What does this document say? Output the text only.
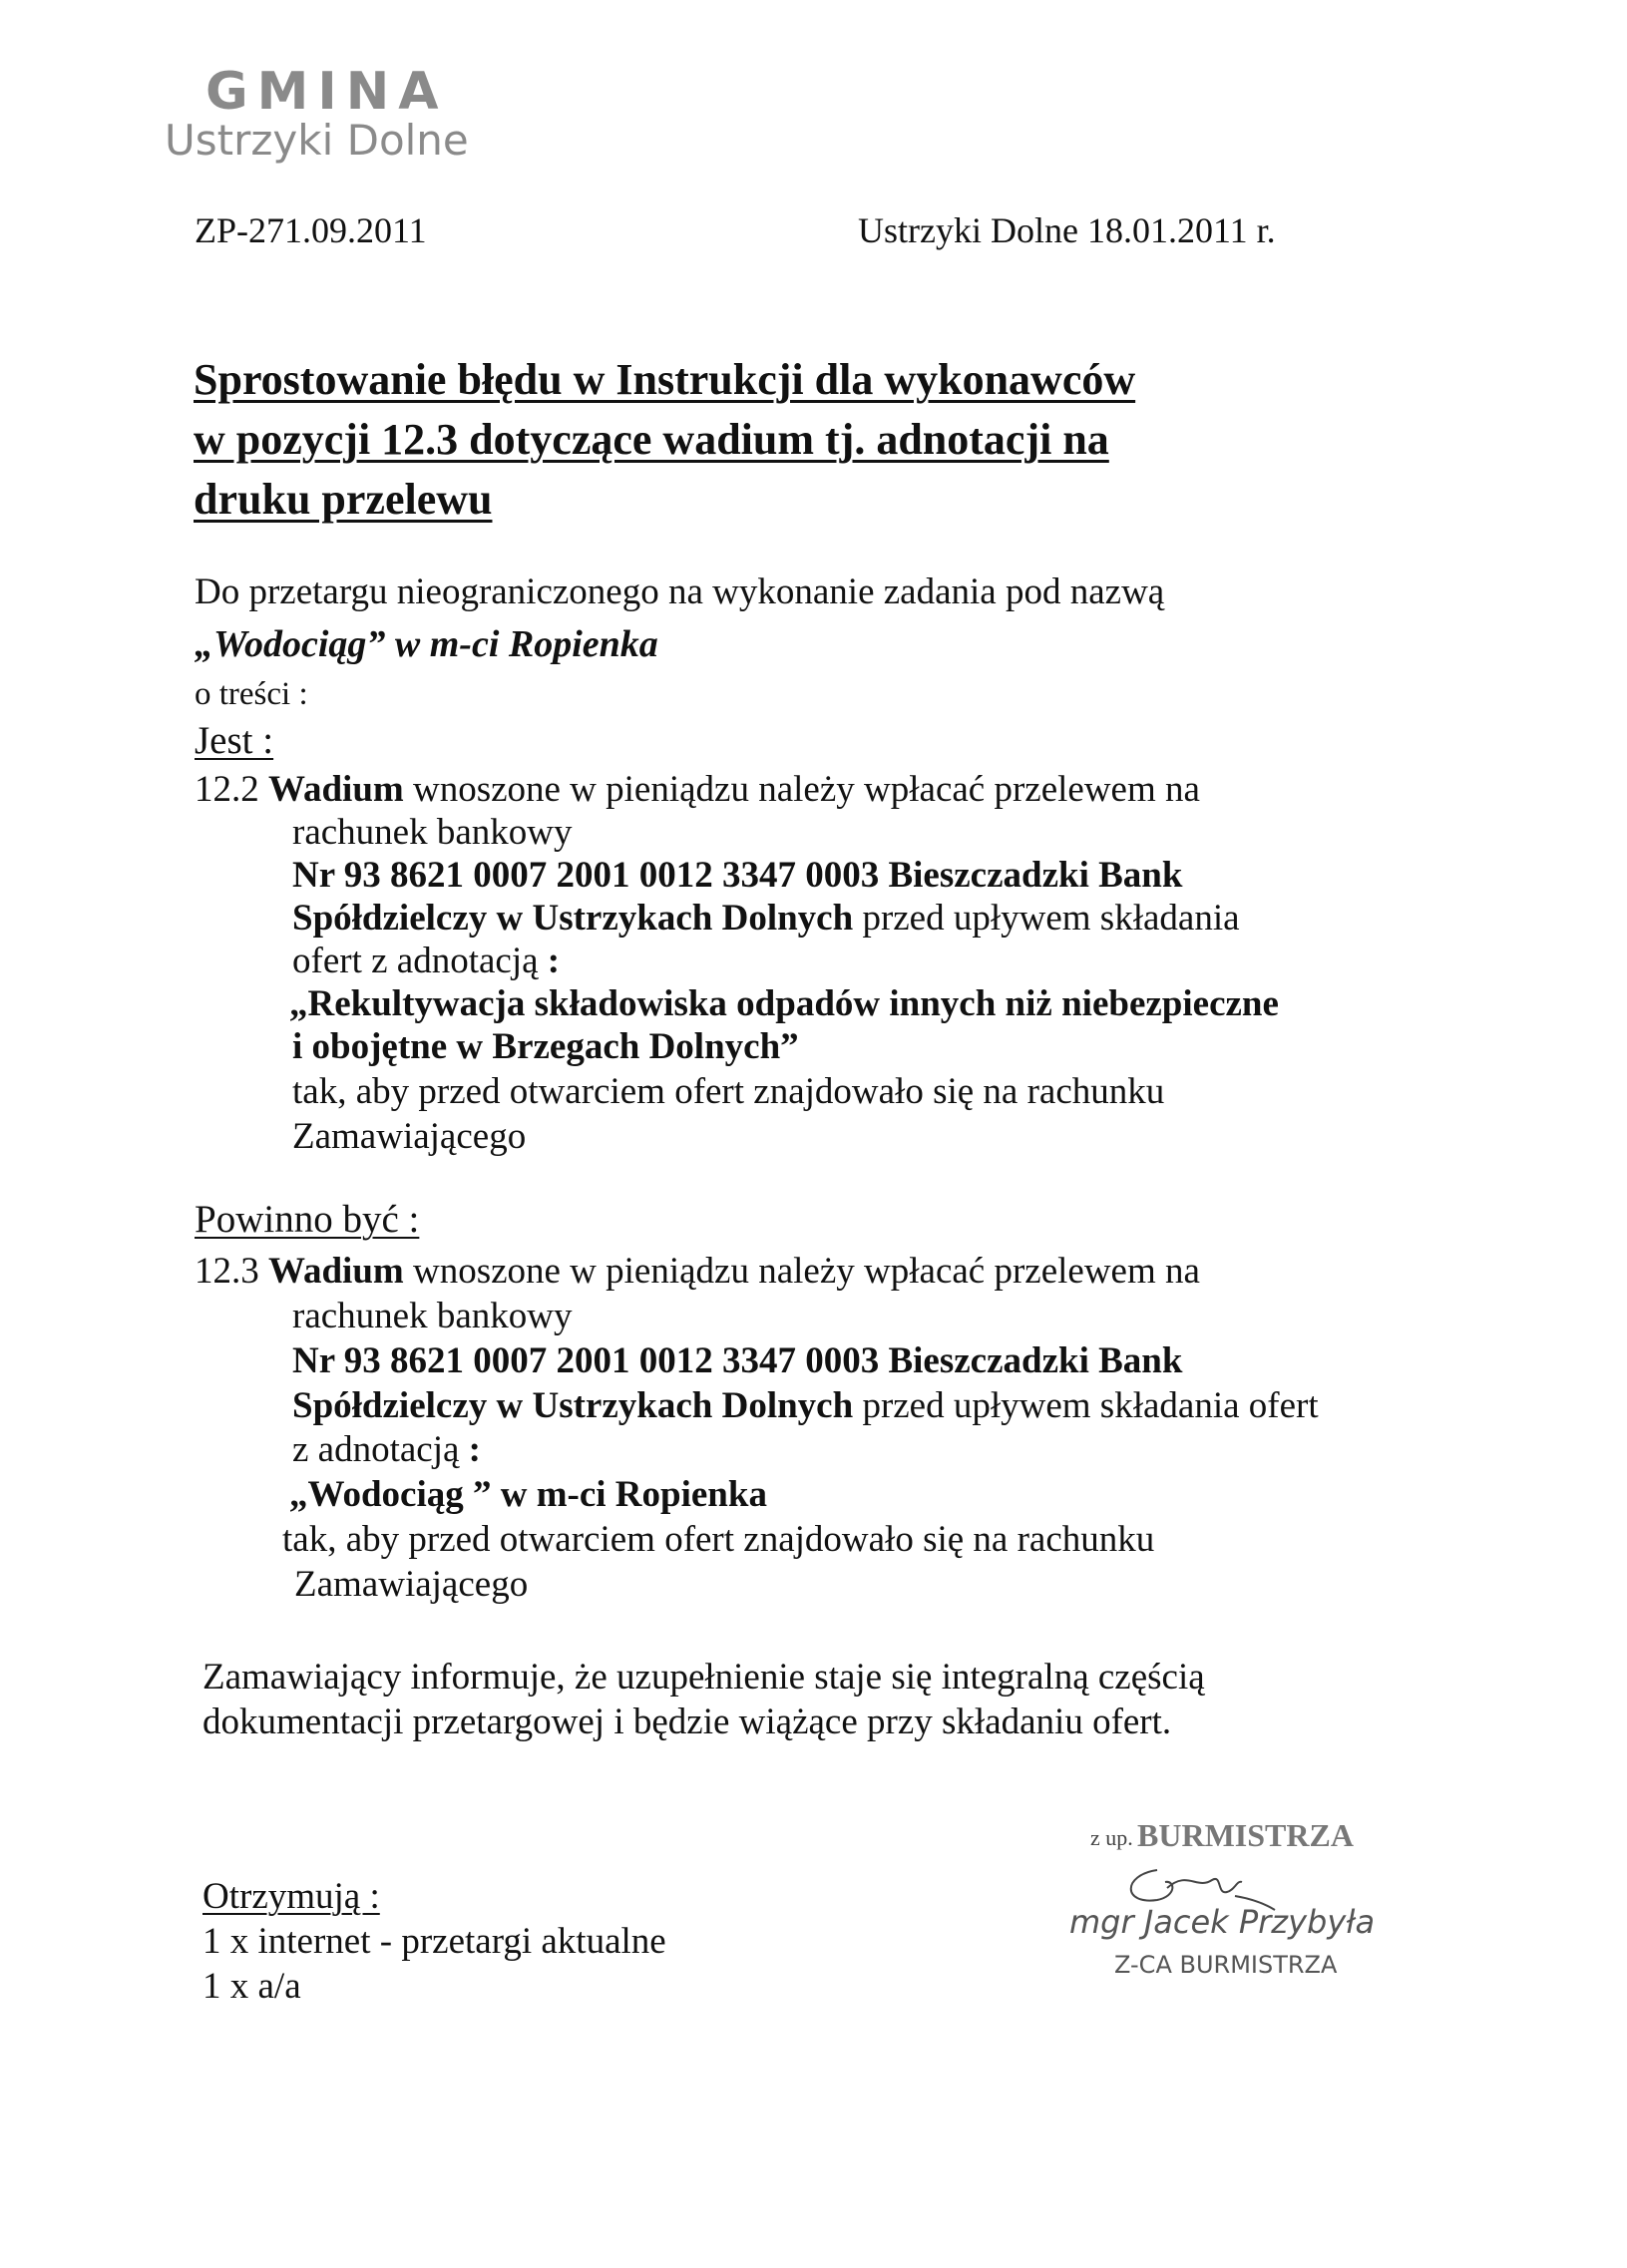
GMINA
Ustrzyki Dolne
ZP-271.09.2011	Ustrzyki Dolne 18.01.2011 r.
Sprostowanie błędu w Instrukcji dla wykonawców
w pozycji 12.3 dotyczące wadium tj. adnotacji na
druku przelewu
Do przetargu nieograniczonego na wykonanie zadania pod nazwą
„Wodociąg” w m-ci Ropienka
o treści :
Jest :
12.2 Wadium wnoszone w pieniądzu należy wpłacać przelewem na
rachunek bankowy
Nr 93 8621 0007 2001 0012 3347 0003 Bieszczadzki Bank
Spółdzielczy w Ustrzykach Dolnych przed upływem składania
ofert z adnotacją :
„Rekultywacja składowiska odpadów innych niż niebezpieczne
i obojętne w Brzegach Dolnych”
tak, aby przed otwarciem ofert znajdowało się na rachunku
Zamawiającego
Powinno być :
12.3 Wadium wnoszone w pieniądzu należy wpłacać przelewem na
rachunek bankowy
Nr 93 8621 0007 2001 0012 3347 0003 Bieszczadzki Bank
Spółdzielczy w Ustrzykach Dolnych przed upływem składania ofert
z adnotacją :
„Wodociąg ” w m-ci Ropienka
tak, aby przed otwarciem ofert znajdowało się na rachunku
Zamawiającego
Zamawiający informuje, że uzupełnienie staje się integralną częścią
dokumentacji przetargowej i będzie wiążące przy składaniu ofert.
Otrzymują :
1 x internet - przetargi aktualne
1 x a/a
z up. BURMISTRZA
mgr Jacek Przybyła
Z-CA BURMISTRZA
